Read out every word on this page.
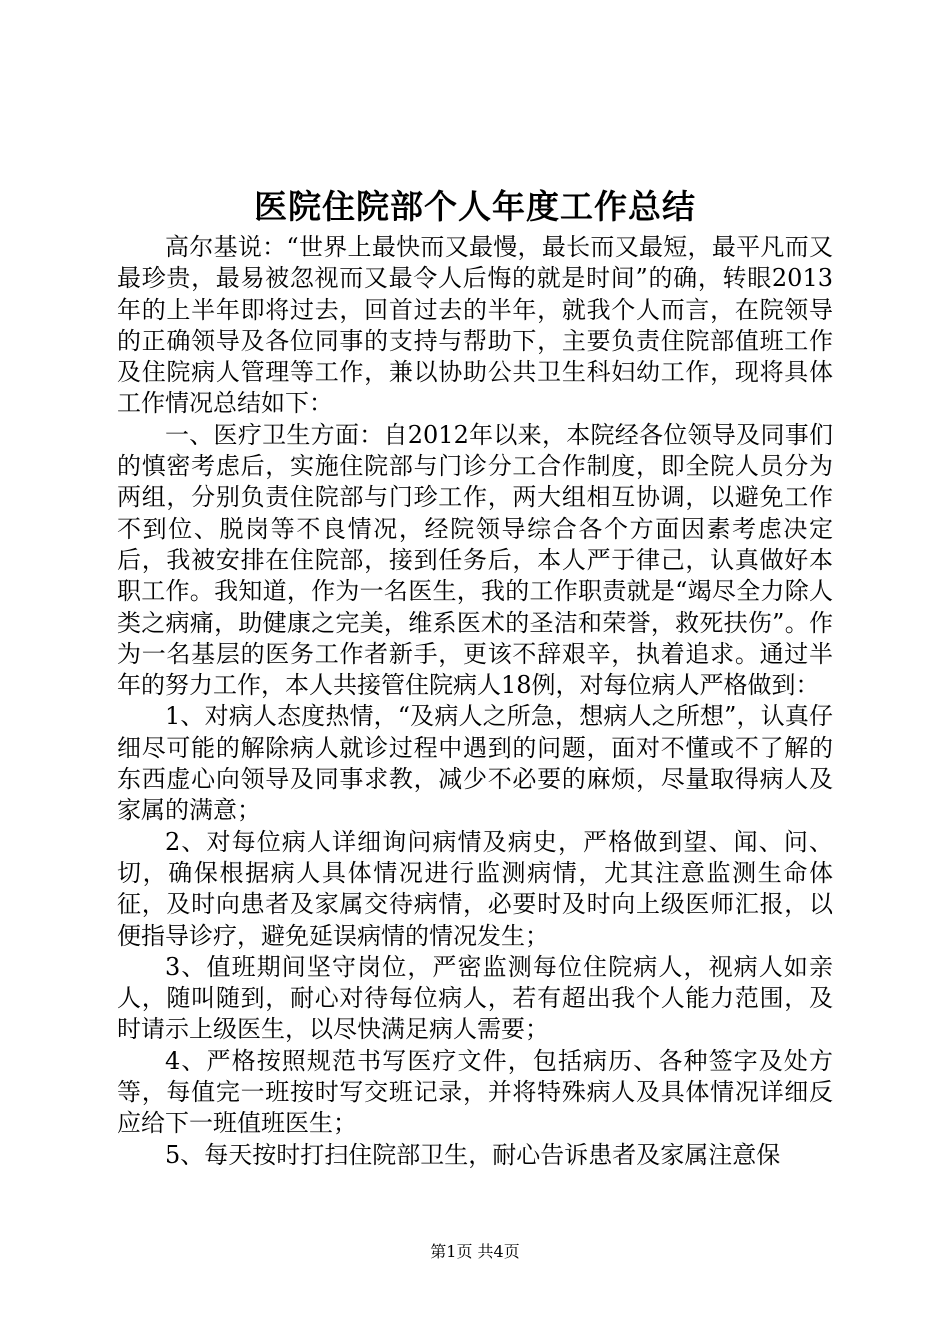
医院住院部个人年度工作总结

高尔基说：“世界上最快而又最慢，最长而又最短，最平凡而又最珍贵，最易被忽视而又最令人后悔的就是时间”的确，转眼2013年的上半年即将过去，回首过去的半年，就我个人而言，在院领导的正确领导及各位同事的支持与帮助下，主要负责住院部值班工作及住院病人管理等工作，兼以协助公共卫生科妇幼工作，现将具体工作情况总结如下：

一、医疗卫生方面：自2012年以来，本院经各位领导及同事们的慎密考虑后，实施住院部与门诊分工合作制度，即全院人员分为两组，分别负责住院部与门珍工作，两大组相互协调，以避免工作不到位、脱岗等不良情况，经院领导综合各个方面因素考虑决定后，我被安排在住院部，接到任务后，本人严于律己，认真做好本职工作。我知道，作为一名医生，我的工作职责就是“竭尽全力除人类之病痛，助健康之完美，维系医术的圣洁和荣誉，救死扶伤”。作为一名基层的医务工作者新手，更该不辞艰辛，执着追求。通过半年的努力工作，本人共接管住院病人18例，对每位病人严格做到：

1、对病人态度热情，“及病人之所急，想病人之所想”，认真仔细尽可能的解除病人就诊过程中遇到的问题，面对不懂或不了解的东西虚心向领导及同事求教，减少不必要的麻烦，尽量取得病人及家属的满意；

2、对每位病人详细询问病情及病史，严格做到望、闻、问、切，确保根据病人具体情况进行监测病情，尤其注意监测生命体征，及时向患者及家属交待病情，必要时及时向上级医师汇报，以便指导诊疗，避免延误病情的情况发生；

3、值班期间坚守岗位，严密监测每位住院病人，视病人如亲人，随叫随到，耐心对待每位病人，若有超出我个人能力范围，及时请示上级医生，以尽快满足病人需要；

4、严格按照规范书写医疗文件，包括病历、各种签字及处方等，每值完一班按时写交班记录，并将特殊病人及具体情况详细反应给下一班值班医生；

5、每天按时打扫住院部卫生，耐心告诉患者及家属注意保

第1页 共4页
